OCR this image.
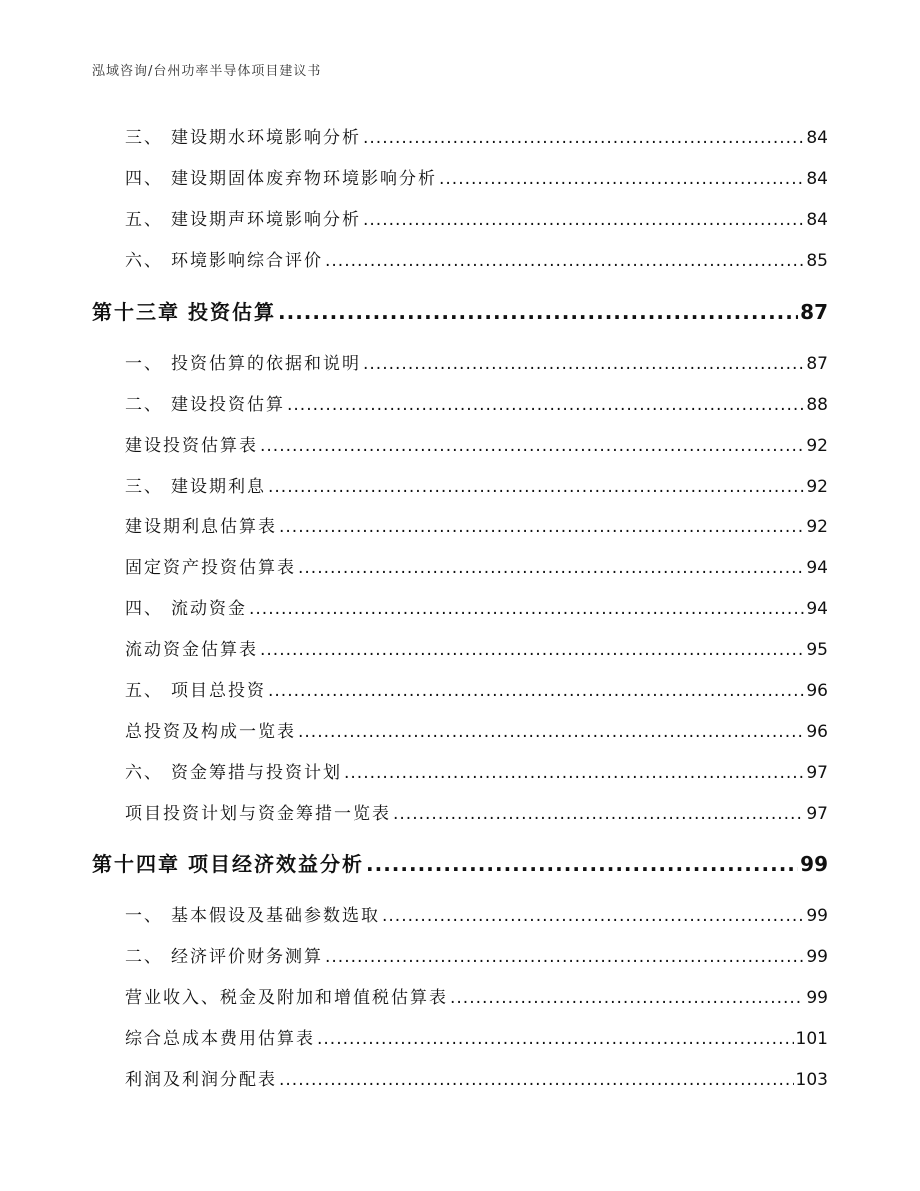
泓域咨询/台州功率半导体项目建议书
三、 建设期水环境影响分析 .....	84
四、 建设期固体废弃物环境影响分析 .....	84
五、 建设期声环境影响分析 .....	84
六、 环境影响综合评价 .....	85
第十三章 投资估算 .....	87
一、 投资估算的依据和说明 .....	87
二、 建设投资估算 .....	88
建设投资估算表 .....	92
三、 建设期利息 .....	92
建设期利息估算表 .....	92
固定资产投资估算表 .....	94
四、 流动资金 .....	94
流动资金估算表 .....	95
五、 项目总投资 .....	96
总投资及构成一览表 .....	96
六、 资金筹措与投资计划 .....	97
项目投资计划与资金筹措一览表 .....	97
第十四章 项目经济效益分析 .....	99
一、 基本假设及基础参数选取 .....	99
二、 经济评价财务测算 .....	99
营业收入、税金及附加和增值税估算表 .....	99
综合总成本费用估算表 .....	101
利润及利润分配表 .....	103
